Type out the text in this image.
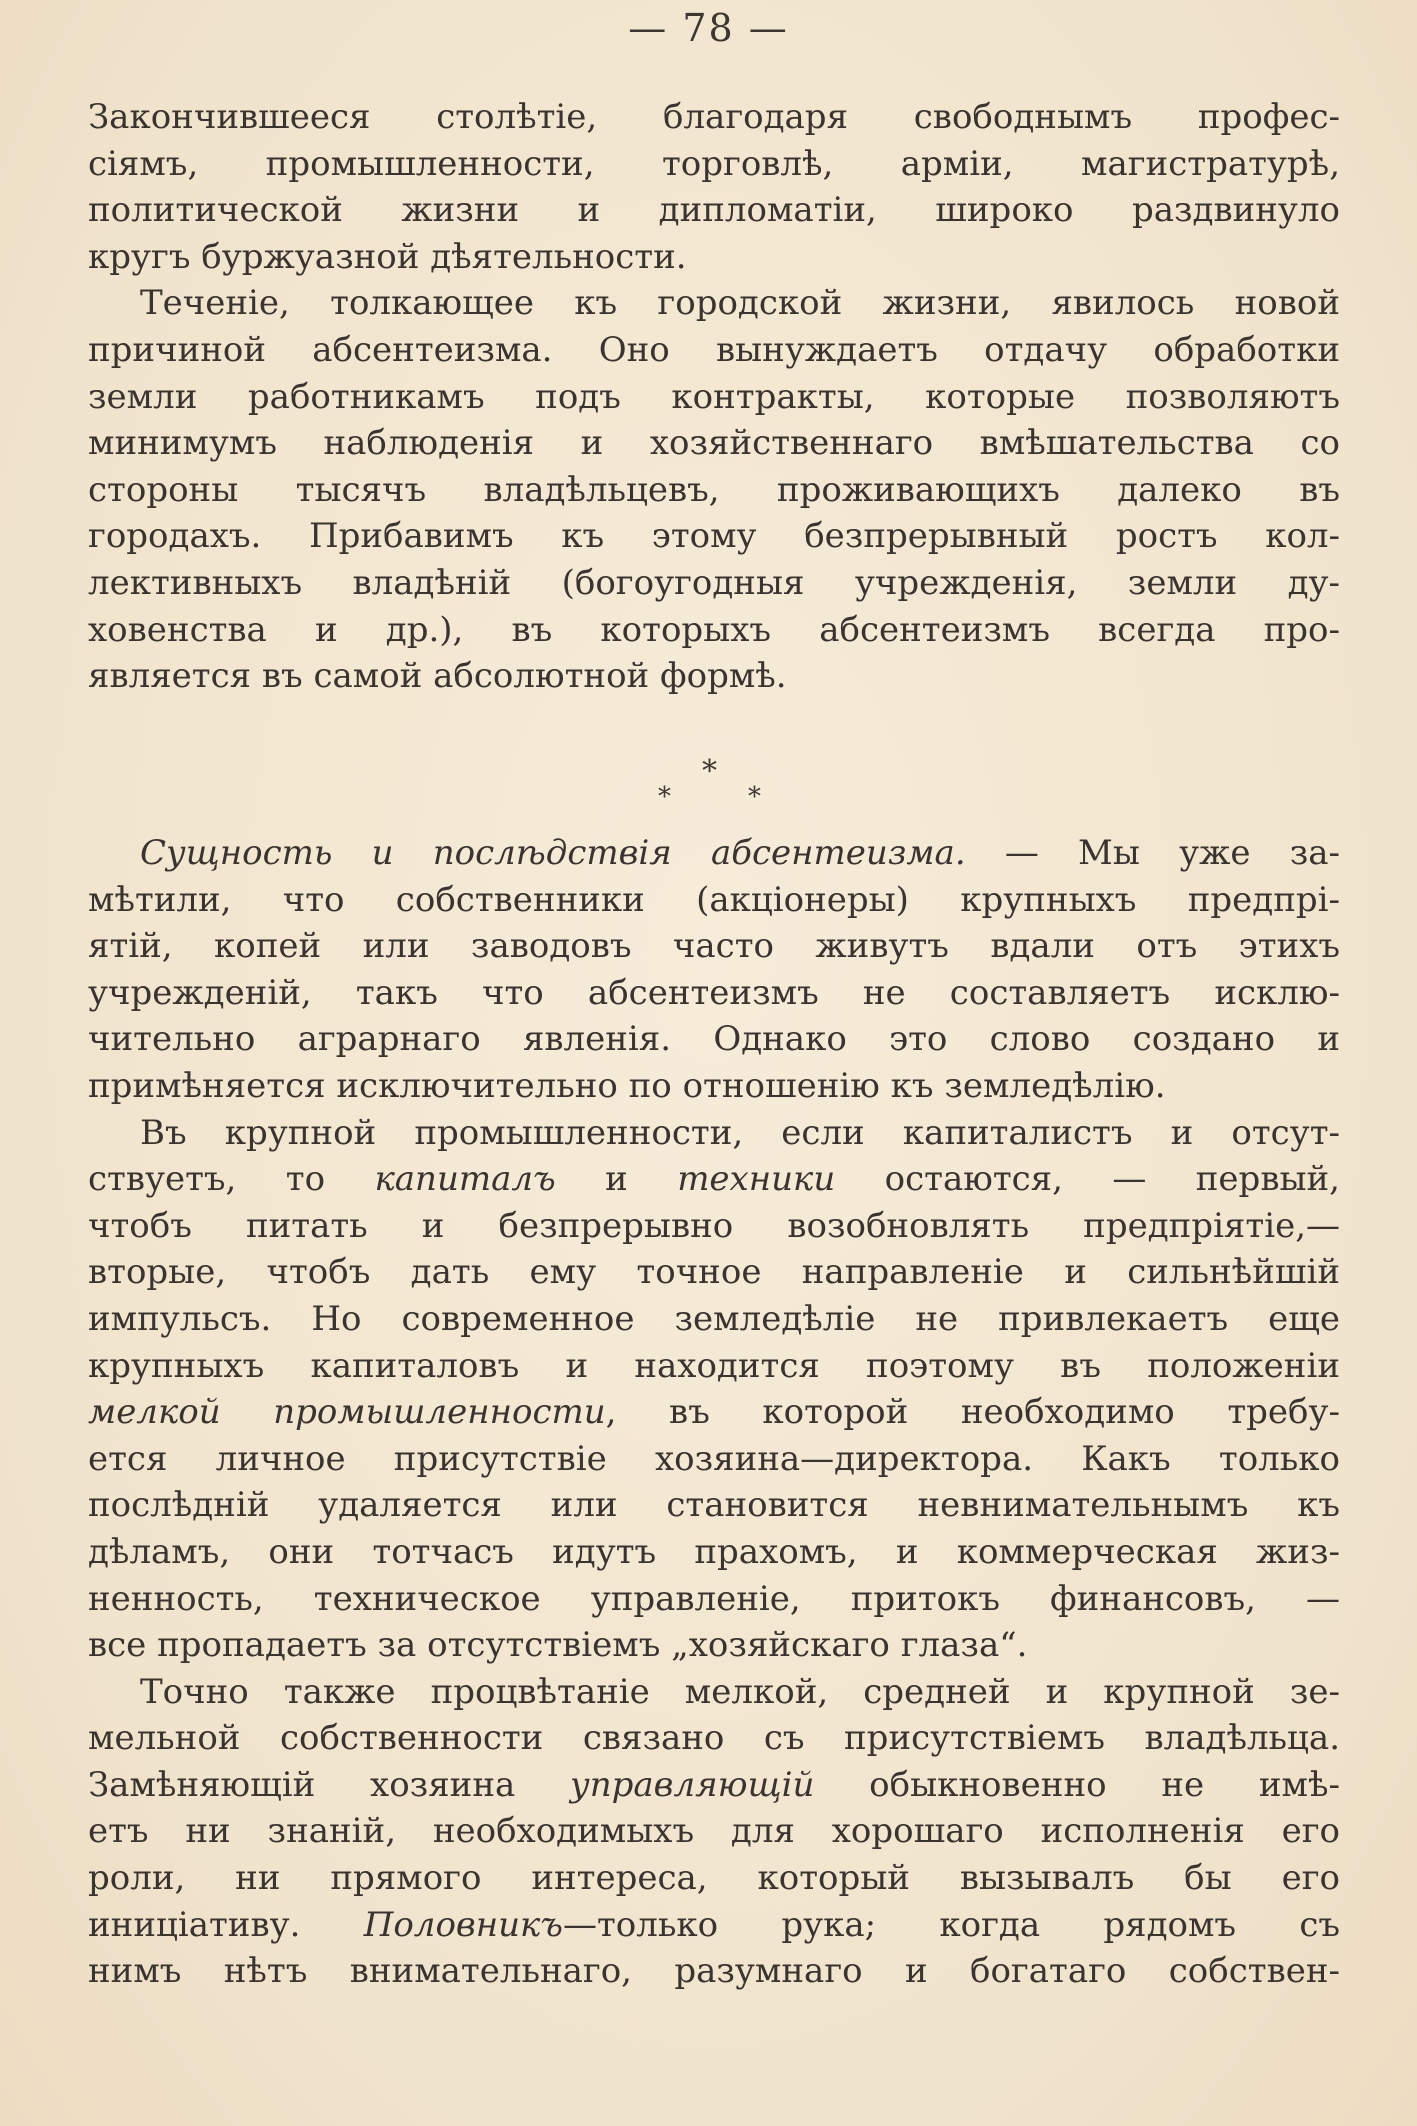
— 78 —

Закончившееся столѣтіе, благодаря свободнымъ профес-
сіямъ, промышленности, торговлѣ, арміи, магистратурѣ,
политической жизни и дипломатіи, широко раздвинуло
кругъ буржуазной дѣятельности.

Теченіе, толкающее къ городской жизни, явилось новой
причиной абсентеизма. Оно вынуждаетъ отдачу обработки
земли работникамъ подъ контракты, которые позволяютъ
минимумъ наблюденія и хозяйственнаго вмѣшательства со
стороны тысячъ владѣльцевъ, проживающихъ далеко въ
городахъ. Прибавимъ къ этому безпрерывный ростъ кол-
лективныхъ владѣній (богоугодныя учрежденія, земли ду-
ховенства и др.), въ которыхъ абсентеизмъ всегда про-
является въ самой абсолютной формѣ.

*
*	*

Сущность и послѣдствія абсентеизма. — Мы уже за-
мѣтили, что собственники (акціонеры) крупныхъ предпрі-
ятій, копей или заводовъ часто живутъ вдали отъ этихъ
учрежденій, такъ что абсентеизмъ не составляетъ исклю-
чительно аграрнаго явленія. Однако это слово создано и
примѣняется исключительно по отношенію къ земледѣлію.

Въ крупной промышленности, если капиталистъ и отсут-
ствуетъ, то капиталъ и техники остаются, — первый,
чтобъ питать и безпрерывно возобновлять предпріятіе,—
вторые, чтобъ дать ему точное направленіе и сильнѣйшій
импульсъ. Но современное земледѣліе не привлекаетъ еще
крупныхъ капиталовъ и находится поэтому въ положеніи
мелкой промышленности, въ которой необходимо требу-
ется личное присутствіе хозяина—директора. Какъ только
послѣдній удаляется или становится невнимательнымъ къ
дѣламъ, они тотчасъ идутъ прахомъ, и коммерческая жиз-
ненность, техническое управленіе, притокъ финансовъ, —
все пропадаетъ за отсутствіемъ „хозяйскаго глаза“.

Точно также процвѣтаніе мелкой, средней и крупной зе-
мельной собственности связано съ присутствіемъ владѣльца.
Замѣняющій хозяина управляющій обыкновенно не имѣ-
етъ ни знаній, необходимыхъ для хорошаго исполненія его
роли, ни прямого интереса, который вызывалъ бы его
иниціативу. Половникъ—только рука; когда рядомъ съ
нимъ нѣтъ внимательнаго, разумнаго и богатаго собствен-
